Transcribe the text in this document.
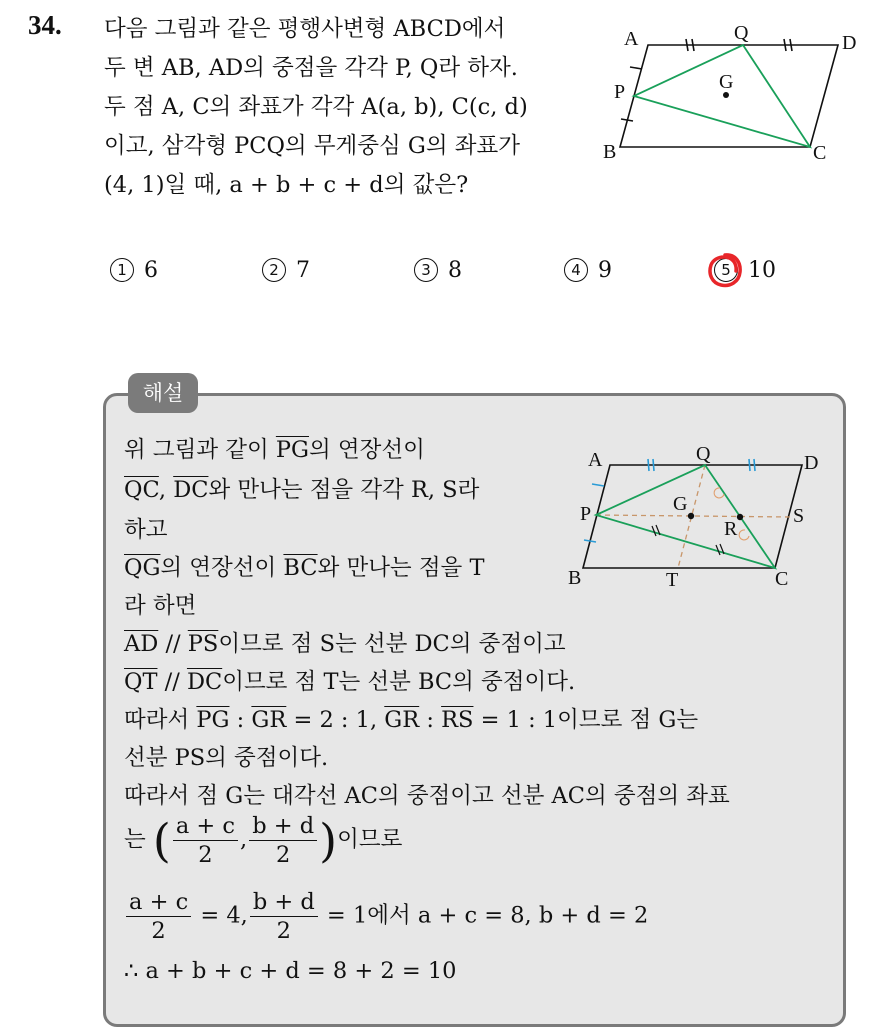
34. 다음 그림과 같은 평행사변형 ABCD에서
두 변 AB, AD의 중점을 각각 P, Q라 하자.
두 점 A, C의 좌표가 각각 A(a, b), C(c, d)
이고, 삼각형 PCQ의 무게중심 G의 좌표가
(4, 1)일 때, a + b + c + d의 값은?
A	Q	D
P	G
B	C
1 6	2 7	3 8	4 9	5 10
해설
A	Q	D
G
P
R
S
B	T	C
위 그림과 같이 $\overline{PG}$의 연장선이
$\overline{QC}$, $\overline{DC}$와 만나는 점을 각각 R, S라
하고
$\overline{QG}$의 연장선이 $\overline{BC}$와 만나는 점을 T
라 하면
$\overline{AD} // \overline{PS}$이므로 점 S는 선분 DC의 중점이고
$\overline{QT} // \overline{DC}$이므로 점 T는 선분 BC의 중점이다.
따라서 $\overline{PG}$ : $\overline{GR} = 2$ : 1, $\overline{GR}$ : $\overline{RS} = 1$ : 1이므로 점 G는
선분 PS의 중점이다.
따라서 점 G는 대각선 AC의 중점이고 선분 AC의 중점의 좌표
는 ( $\frac{a + c}{2}$ , $\frac{b + d}{2}$ )이므로
$\frac{a + c}{2} = 4$, $\frac{b + d}{2} = 1$에서 a + c = 8, b + d = 2
∴ a + b + c + d = 8 + 2 = 10
